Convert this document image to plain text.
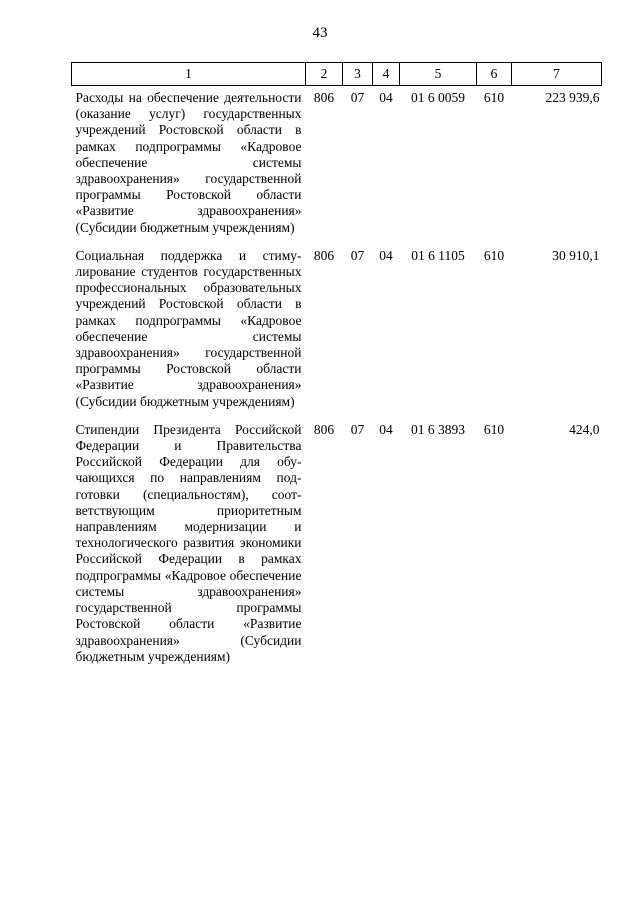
43
1	2	3	4	5	6	7
Расходы на обеспечение деятельности (оказание услуг) государственных учреждений Ростовской области в рамках подпрограммы «Кадровое обеспечение системы здравоохранения» государственной программы Ростовской области «Развитие здравоохранения» (Субсидии бюджетным учреждениям)	806	07	04	01 6 0059	610	223 939,6
Социальная поддержка и стимулирование студентов государственных профессиональных образовательных учреждений Ростовской области в рамках подпрограммы «Кадровое обеспечение системы здравоохранения» государственной программы Ростовской области «Развитие здравоохранения» (Субсидии бюджетным учреждениям)	806	07	04	01 6 1105	610	30 910,1
Стипендии Президента Российской Федерации и Правительства Российской Федерации для обучающихся по направлениям подготовки (специальностям), соответствующим приоритетным направлениям модернизации и технологического развития экономики Российской Федерации в рамках подпрограммы «Кадровое обеспечение системы здравоохранения» государственной программы Ростовской области «Развитие здравоохранения» (Субсидии бюджетным учреждениям)	806	07	04	01 6 3893	610	424,0
